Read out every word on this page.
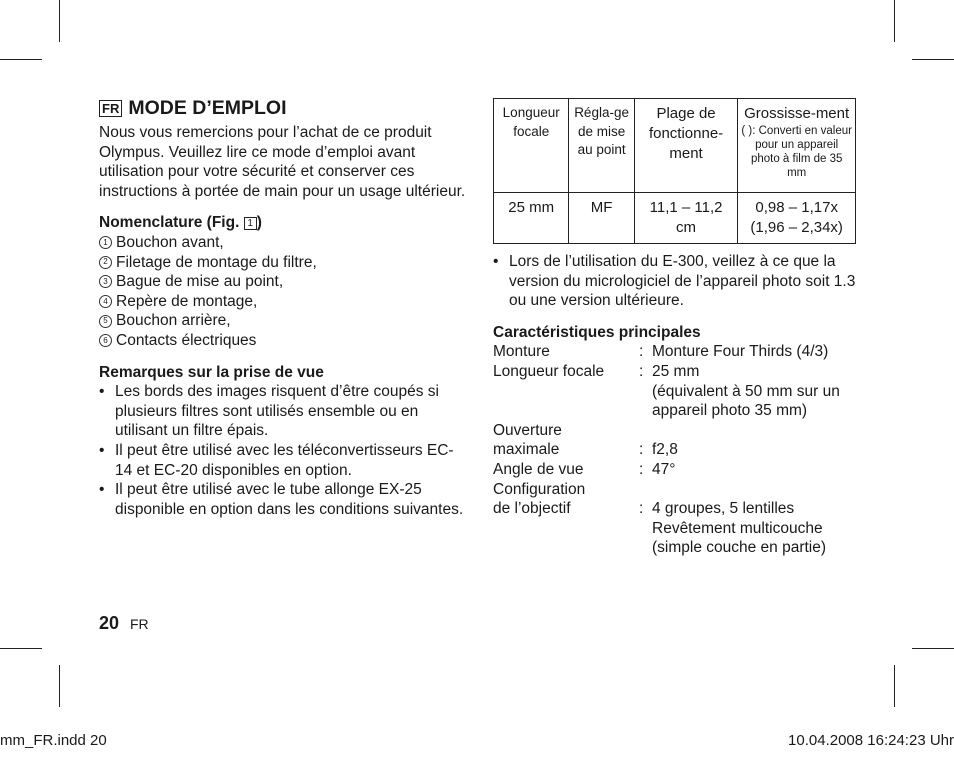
FR MODE D’EMPLOI

Nous vous remercions pour l’achat de ce produit Olympus. Veuillez lire ce mode d’emploi avant utilisation pour votre sécurité et conserver ces instructions à portée de main pour un usage ultérieur.

Nomenclature (Fig. 1 )
1 Bouchon avant,
2 Filetage de montage du filtre,
3 Bague de mise au point,
4 Repère de montage,
5 Bouchon arrière,
6 Contacts électriques
Remarques sur la prise de vue
• Les bords des images risquent d’être coupés si plusieurs filtres sont utilisés ensemble ou en utilisant un filtre épais.
• Il peut être utilisé avec les téléconvertisseurs EC-14 et EC-20 disponibles en option.
• Il peut être utilisé avec le tube allonge EX-25 disponible en option dans les conditions suivantes.
Longueur focale	Régla-ge de mise au point	Plage de fonctionne-ment	Grossisse-ment
( ): Converti en valeur pour un appareil photo à film de 35 mm

25 mm	MF	11,1 – 11,2 cm	0,98 – 1,17x (1,96 – 2,34x)
• Lors de l’utilisation du E-300, veillez à ce que la version du micrologiciel de l’appareil photo soit 1.3 ou une version ultérieure.
Caractéristiques principales
Monture	: Monture Four Thirds (4/3)
Longueur focale	: 25 mm
(équivalent à 50 mm sur un appareil photo 35 mm)
Ouverture
maximale	: f2,8
Angle de vue	: 47°
Configuration
de l’objectif	: 4 groupes, 5 lentilles
Revêtement multicouche (simple couche en partie)
20 FR
mm_FR.indd 20	10.04.2008 16:24:23 Uhr
